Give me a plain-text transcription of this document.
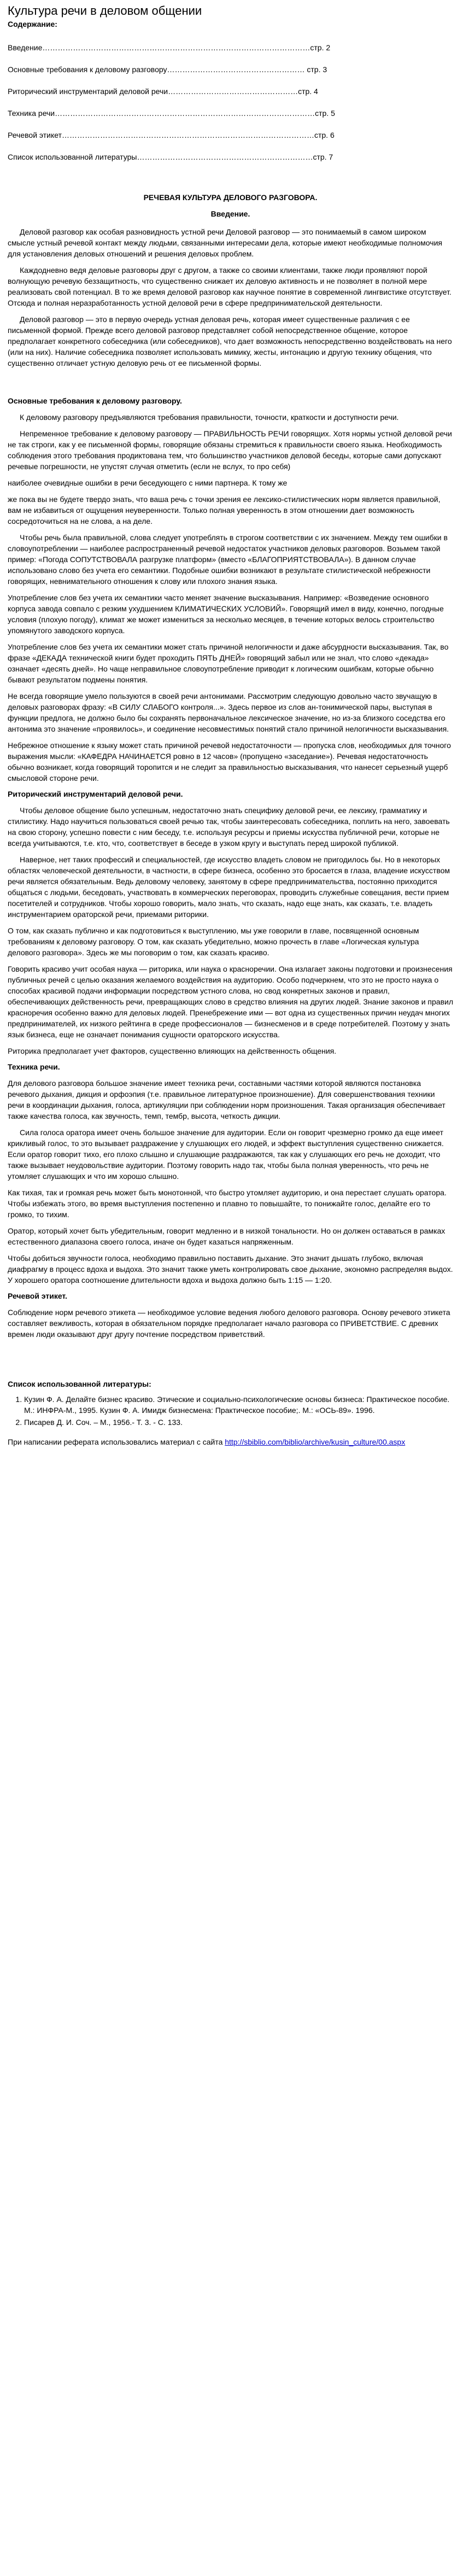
Культура речи в деловом общении
Содержание:
Введение……………………………………………………………………………………………стр. 2
Основные требования к деловому разговору……………………………………………… стр. 3
Риторический инструментарий деловой речи……………………………………………стр. 4
Техника речи…………………………………………………………………………………………стр. 5
Речевой этикет………………………………………………………………………………………стр. 6
Список использованной литературы……………………………………………………………стр. 7
РЕЧЕВАЯ КУЛЬТУРА ДЕЛОВОГО РАЗГОВОРА.
Введение.

Деловой разговор как особая разновидность устной речи Деловой разговор — это понимаемый в самом широком смысле устный речевой контакт между людьми, связанными интересами дела, которые имеют необходимые полномочия для установления деловых отношений и решения деловых проблем.

Каждодневно ведя деловые разговоры друг с другом, а также со своими клиентами, также люди проявляют порой волнующую речевую беззащитность, что существенно снижает их деловую активность и не позволяет в полной мере реализовать свой потенциал. В то же время деловой разговор как научное понятие в современной лингвистике отсутствует. Отсюда и полная неразработанность устной деловой речи в сфере предпринимательской деятельности.

Деловой разговор — это в первую очередь устная деловая речь, которая имеет существенные различия с ее письменной формой. Прежде всего деловой разговор представляет собой непосредственное общение, которое предполагает конкретного собеседника (или собеседников), что дает возможность непосредственно воздействовать на него (или на них). Наличие собеседника позволяет использовать мимику, жесты, интонацию и другую технику общения, что существенно отличает устную деловую речь от ее письменной формы.

Основные требования к деловому разговору.

К деловому разговору предъявляются требования правильности, точности, краткости и доступности речи.

Непременное требование к деловому разговору — ПРАВИЛЬНОСТЬ РЕЧИ говорящих. Хотя нормы устной деловой речи не так строги, как у ее письменной формы, говорящие обязаны стремиться к правильности своего языка. Необходимость соблюдения этого требования продиктована тем, что большинство участников деловой беседы, которые сами допускают речевые погрешности, не упустят случая отметить (если не вслух, то про себя)

наиболее очевидные ошибки в речи беседующего с ними партнера. К тому же

же пока вы не будете твердо знать, что ваша речь с точки зрения ее лексико-стилистических норм является правильной, вам не избавиться от ощущения неуверенности. Только полная уверенность в этом отношении дает возможность сосредоточиться на не слова, а на деле.

Чтобы речь была правильной, слова следует употреблять в строгом соответствии с их значением. Между тем ошибки в словоупотреблении — наиболее распространенный речевой недостаток участников деловых разговоров. Возьмем такой пример: «Погода СОПУТСТВОВАЛА разгрузке платформ» (вместо «БЛАГОПРИЯТСТВОВАЛА»). В данном случае использовано слово без учета его семантики. Подобные ошибки возникают в результате стилистической небрежности говорящих, невнимательного отношения к слову или плохого знания языка.

Употребление слов без учета их семантики часто меняет значение высказывания. Например: «Возведение основного корпуса завода совпало с резким ухудшением КЛИМАТИЧЕСКИХ УСЛОВИЙ». Говорящий имел в виду, конечно, погодные условия (плохую погоду), климат же может измениться за несколько месяцев, в течение которых велось строительство упомянутого заводского корпуса.

Употребление слов без учета их семантики может стать причиной нелогичности и даже абсурдности высказывания. Так, во фразе «ДЕКАДА технической книги будет проходить ПЯТЬ ДНЕЙ» говорящий забыл или не знал, что слово «декада» означает «десять дней». Но чаще неправильное словоупотребление приводит к логическим ошибкам, которые обычно бывают результатом подмены понятия.

Не всегда говорящие умело пользуются в своей речи антонимами. Рассмотрим следующую довольно часто звучащую в деловых разговорах фразу: «В СИЛУ СЛАБОГО контроля...». Здесь первое из слов ан-тонимической пары, выступая в функции предлога, не должно было бы сохранять первоначальное лексическое значение, но из-за близкого соседства его антонима это значение «проявилось», и соединение несовместимых понятий стало причиной нелогичности высказывания.

Небрежное отношение к языку может стать причиной речевой недостаточности — пропуска слов, необходимых для точного выражения мысли: «КАФЕДРА НАЧИНАЕТСЯ ровно в 12 часов» (пропущено «заседание»). Речевая недостаточность обычно возникает, когда говорящий торопится и не следит за правильностью высказывания, что нанесет серьезный ущерб смысловой стороне речи.

Риторический инструментарий деловой речи.

Чтобы деловое общение было успешным, недостаточно знать специфику деловой речи, ее лексику, грамматику и стилистику. Надо научиться пользоваться своей речью так, чтобы заинтересовать собеседника, поплить на него, завоевать на свою сторону, успешно повести с ним беседу, т.е. используя ресурсы и приемы искусства публичной речи, которые не всегда учитываются, т.е. кто, что, соответствует в беседе в узком кругу и выступать перед широкой публикой.

Наверное, нет таких профессий и специальностей, где искусство владеть словом не пригодилось бы. Но в некоторых областях человеческой деятельности, в частности, в сфере бизнеса, особенно это бросается в глаза, владение искусством речи является обязательным. Ведь деловому человеку, занятому в сфере предпринимательства, постоянно приходится общаться с людьми, беседовать, участвовать в коммерческих переговорах, проводить служебные совещания, вести прием посетителей и сотрудников. Чтобы хорошо говорить, мало знать, что сказать, надо еще знать, как сказать, т.е. владеть инструментарием ораторской речи, приемами риторики.

О том, как сказать публично и как подготовиться к выступлению, мы уже говорили в главе, посвященной основным требованиям к деловому разговору. О том, как сказать убедительно, можно прочесть в главе «Логическая культура делового разговора». Здесь же мы поговорим о том, как сказать красиво.

Говорить красиво учит особая наука — риторика, или наука о красноречии. Она излагает законы подготовки и произнесения публичных речей с целью оказания желаемого воздействия на аудиторию. Особо подчеркнем, что это не просто наука о способах красивой подачи информации посредством устного слова, но свод конкретных законов и правил, обеспечивающих действенность речи, превращающих слово в средство влияния на других людей. Знание законов и правил красноречия особенно важно для деловых людей. Пренебрежение ими — вот одна из существенных причин неудач многих предпринимателей, их низкого рейтинга в среде профессионалов — бизнесменов и в среде потребителей. Поэтому у знать язык бизнеса, еще не означает понимания сущности ораторского искусства.

Риторика предполагает учет факторов, существенно влияющих на действенность общения.

Техника речи.

Для делового разговора большое значение имеет техника речи, составными частями которой являются постановка речевого дыхания, дикция и орфоэпия (т.е. правильное литературное произношение). Для совершенствования техники речи в координации дыхания, голоса, артикуляции при соблюдении норм произношения. Такая организация обеспечивает также качества голоса, как звучность, темп, тембр, высота, четкость дикции.

Сила голоса оратора имеет очень большое значение для аудитории. Если он говорит чрезмерно громко да еще имеет крикливый голос, то это вызывает раздражение у слушающих его людей, и эффект выступления существенно снижается. Если оратор говорит тихо, его плохо слышно и слушающие раздражаются, так как у слушающих его речь не доходит, что также вызывает неудовольствие аудитории. Поэтому говорить надо так, чтобы была полная уверенность, что речь не утомляет слушающих и что им хорошо слышно.

Как тихая, так и громкая речь может быть монотонной, что быстро утомляет аудиторию, и она перестает слушать оратора. Чтобы избежать этого, во время выступления постепенно и плавно то повышайте, то понижайте голос, делайте его то громко, то тихим.

Оратор, который хочет быть убедительным, говорит медленно и в низкой тональности. Но он должен оставаться в рамках естественного диапазона своего голоса, иначе он будет казаться напряженным.

Чтобы добиться звучности голоса, необходимо правильно поставить дыхание. Это значит дышать глубоко, включая диафрагму в процесс вдоха и выдоха. Это значит также уметь контролировать свое дыхание, экономно распределяя выдох. У хорошего оратора соотношение длительности вдоха и выдоха должно быть 1:15 — 1:20.

Речевой этикет.

Соблюдение норм речевого этикета — необходимое условие ведения любого делового разговора. Основу речевого этикета составляет вежливость, которая в обязательном порядке предполагает начало разговора со ПРИВЕТСТВИЕ. С древних времен люди оказывают друг другу почтение посредством приветствий.

Список использованной литературы:
1. Кузин Ф. А. Делайте бизнес красиво. Этические и социально-психологические основы бизнеса: Практическое пособие. М.: ИНФРА-М., 1995. Кузин Ф. А. Имидж бизнесмена: Практическое пособие;. М.: «ОСЬ-89». 1996.
2. Писарев Д. И. Соч. – М., 1956.- Т. 3. - С. 133.
При написании реферата использовались материал с сайта http://sbiblio.com/biblio/archive/kusin_culture/00.aspx
